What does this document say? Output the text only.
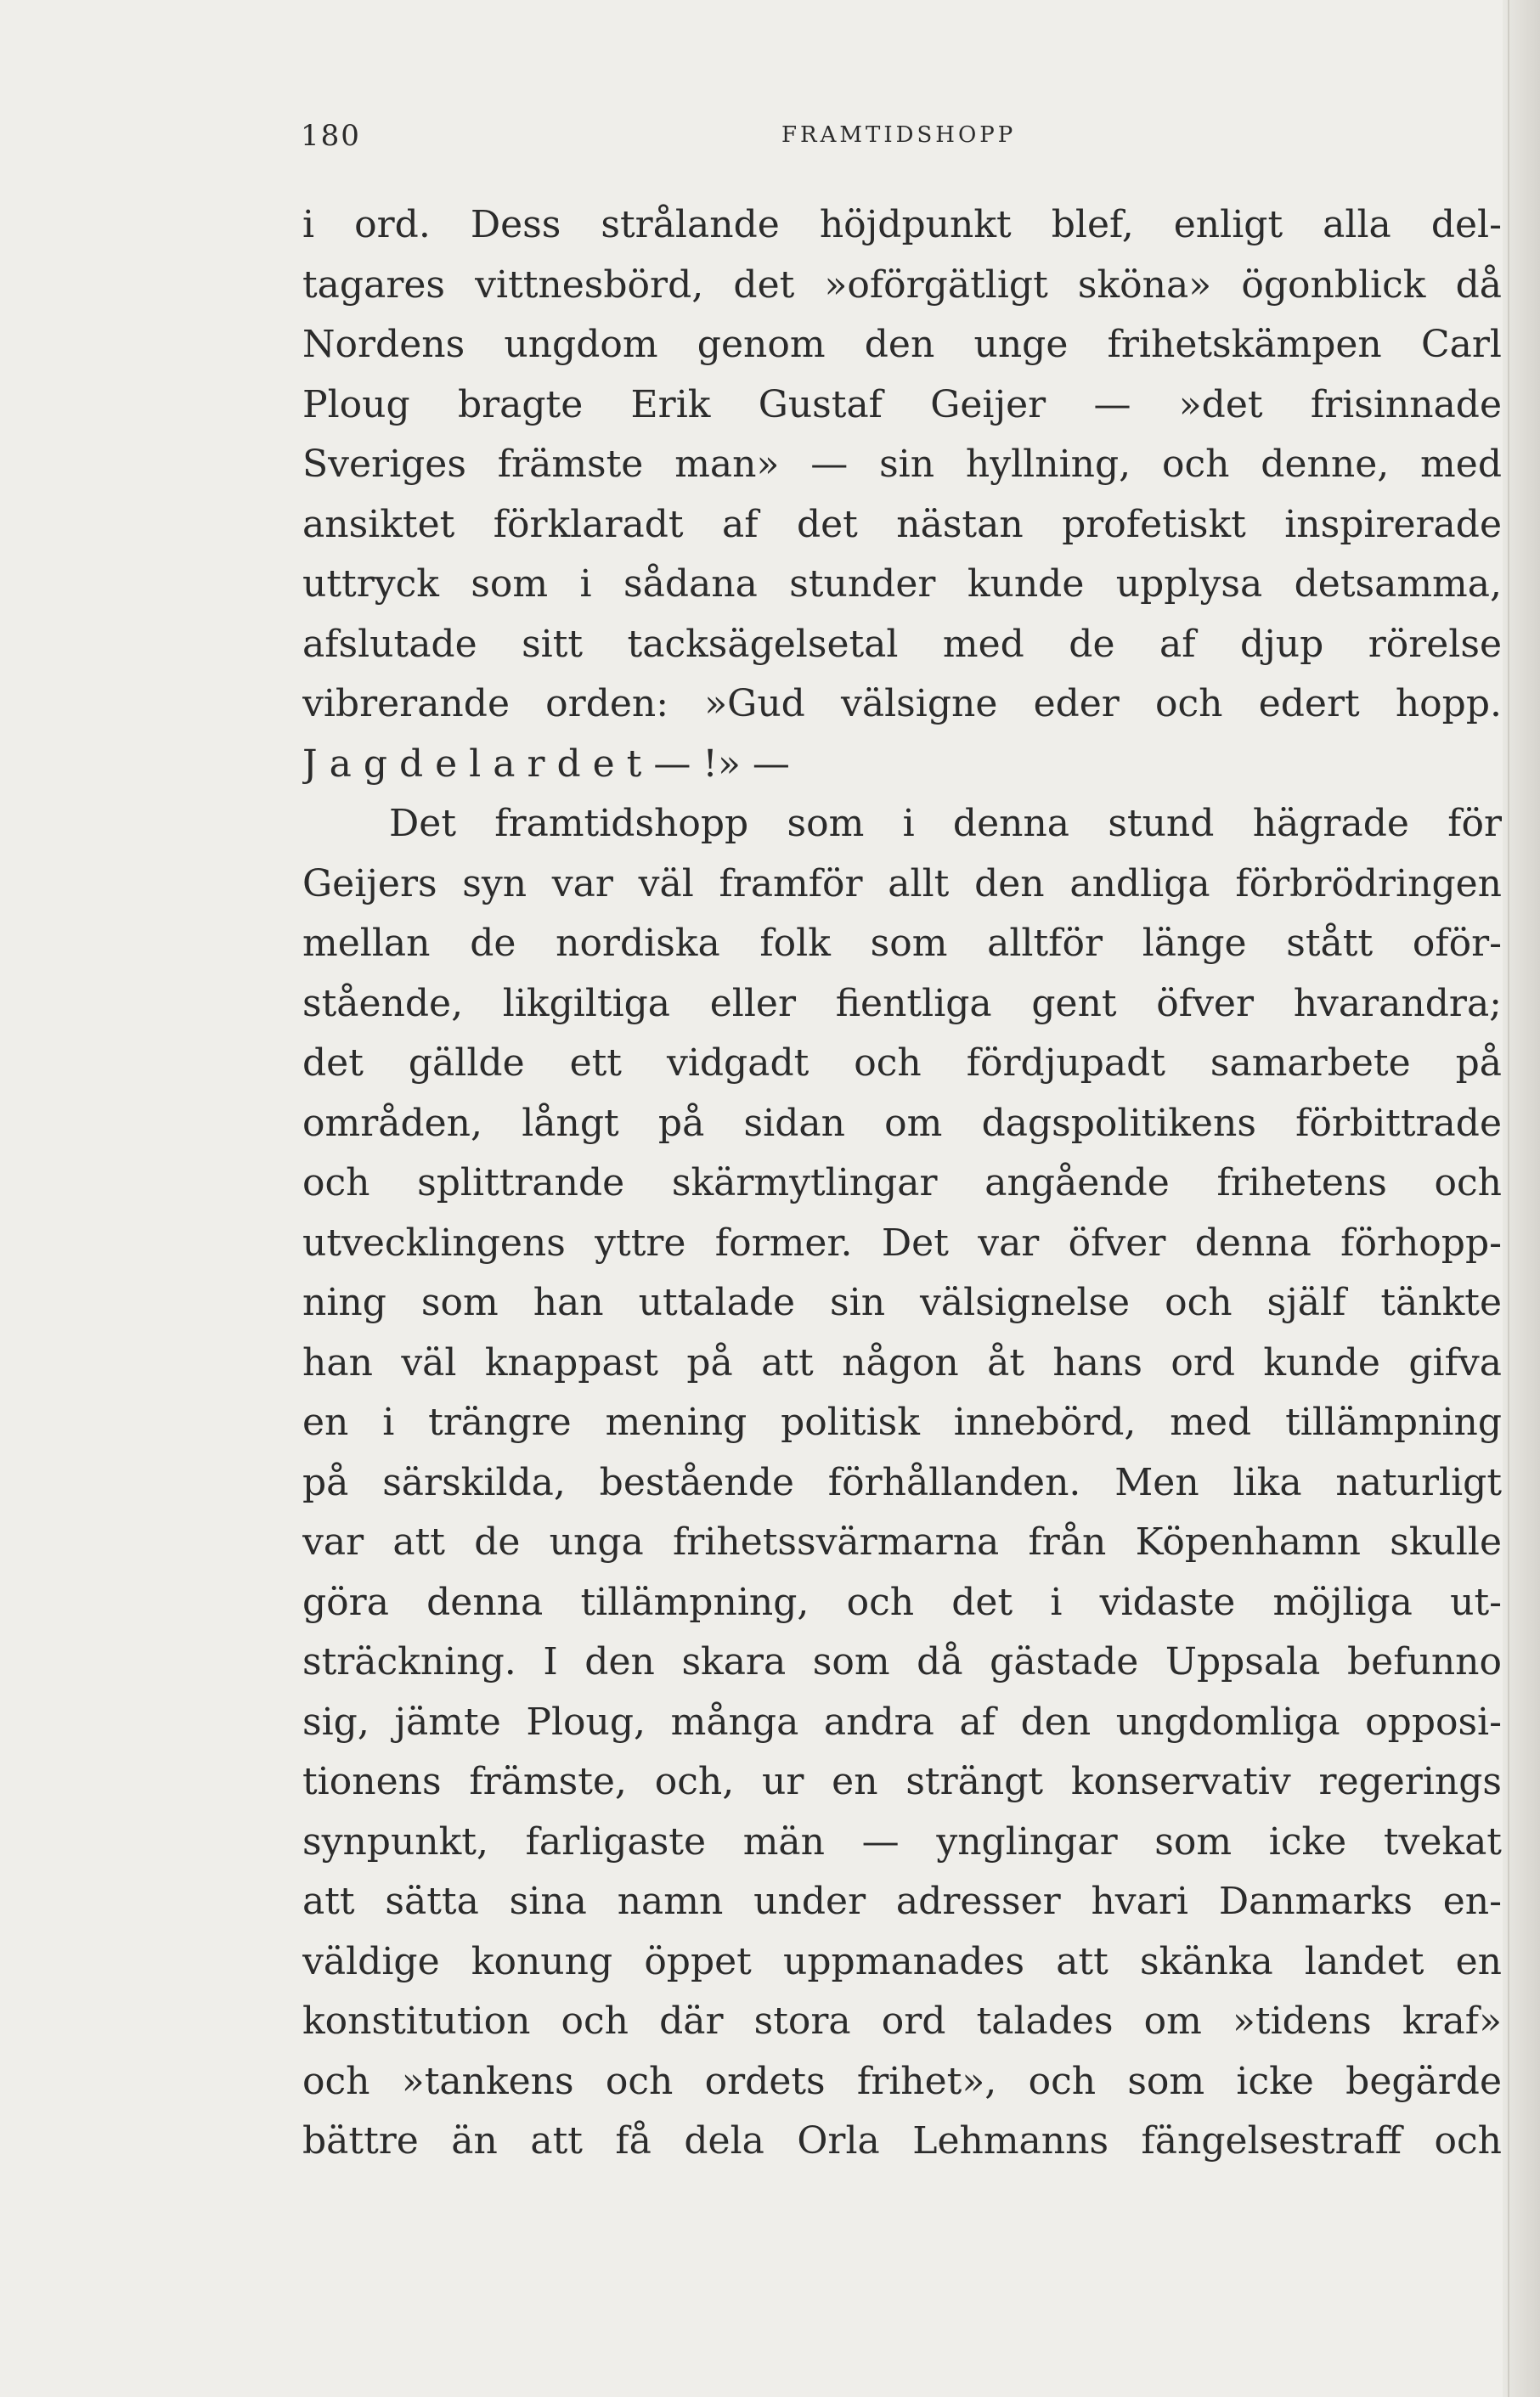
180	FRAMTIDSHOPP
i ord. Dess strålande höjdpunkt blef, enligt alla del-
tagares vittnesbörd, det »oförgätligt sköna» ögonblick då
Nordens ungdom genom den unge frihetskämpen Carl
Ploug bragte Erik Gustaf Geijer — »det frisinnade
Sveriges främste man» — sin hyllning, och denne, med
ansiktet förklaradt af det nästan profetiskt inspirerade
uttryck som i sådana stunder kunde upplysa detsamma,
afslutade sitt tacksägelsetal med de af djup rörelse
vibrerande orden: »Gud välsigne eder och edert hopp.
J a g d e l a r d e t — !» —
Det framtidshopp som i denna stund hägrade för
Geijers syn var väl framför allt den andliga förbrödringen
mellan de nordiska folk som alltför länge stått oför-
stående, likgiltiga eller fientliga gent öfver hvarandra;
det gällde ett vidgadt och fördjupadt samarbete på
områden, långt på sidan om dagspolitikens förbittrade
och splittrande skärmytlingar angående frihetens och
utvecklingens yttre former. Det var öfver denna förhopp-
ning som han uttalade sin välsignelse och själf tänkte
han väl knappast på att någon åt hans ord kunde gifva
en i trängre mening politisk innebörd, med tillämpning
på särskilda, bestående förhållanden. Men lika naturligt
var att de unga frihetssvärmarna från Köpenhamn skulle
göra denna tillämpning, och det i vidaste möjliga ut-
sträckning. I den skara som då gästade Uppsala befunno
sig, jämte Ploug, många andra af den ungdomliga opposi-
tionens främste, och, ur en strängt konservativ regerings
synpunkt, farligaste män — ynglingar som icke tvekat
att sätta sina namn under adresser hvari Danmarks en-
väldige konung öppet uppmanades att skänka landet en
konstitution och där stora ord talades om »tidens kraf»
och »tankens och ordets frihet», och som icke begärde
bättre än att få dela Orla Lehmanns fängelsestraff och
